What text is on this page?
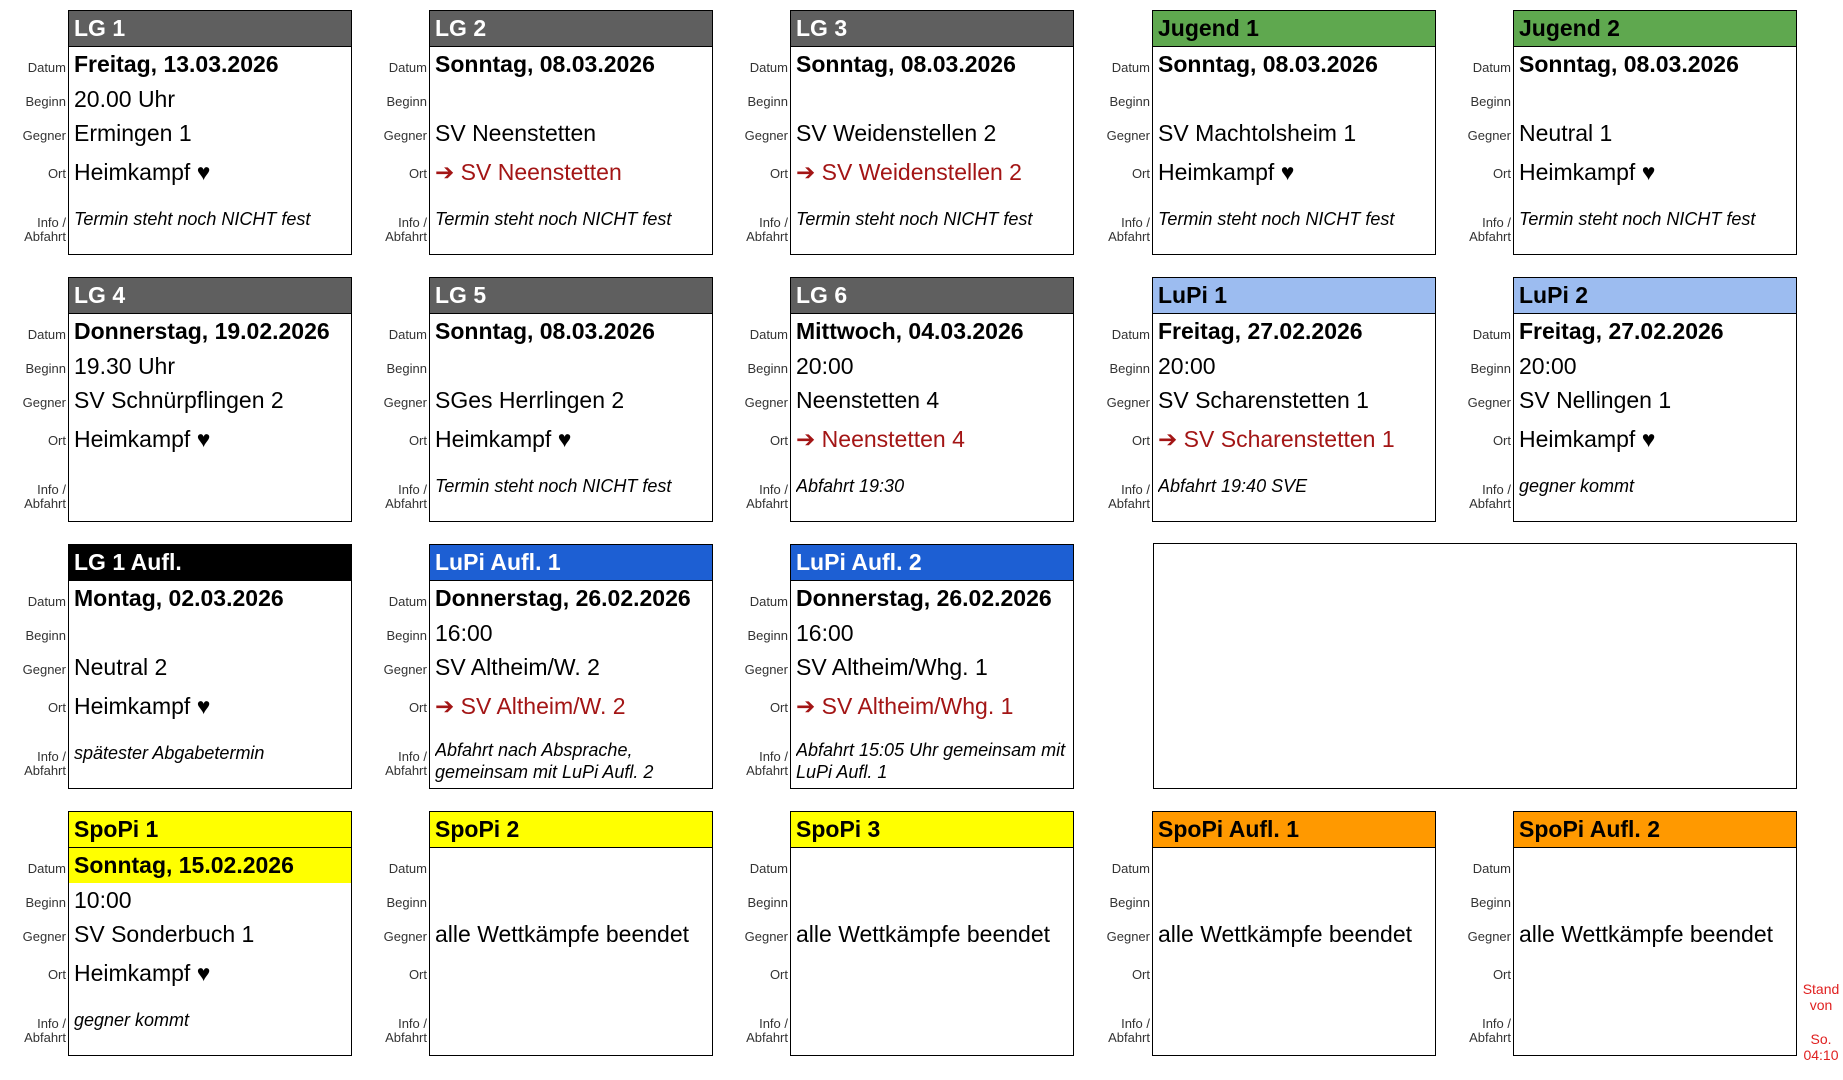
Datum
Beginn
Gegner
Ort
Info /
Abfahrt
LG 1
Freitag, 13.03.2026
20.00 Uhr
Ermingen 1
Heimkampf ♥
Termin steht noch NICHT fest
Datum
Beginn
Gegner
Ort
Info /
Abfahrt
LG 2
Sonntag, 08.03.2026
SV Neenstetten
➔ SV Neenstetten
Termin steht noch NICHT fest
Datum
Beginn
Gegner
Ort
Info /
Abfahrt
LG 3
Sonntag, 08.03.2026
SV Weidenstellen 2
➔ SV Weidenstellen 2
Termin steht noch NICHT fest
Datum
Beginn
Gegner
Ort
Info /
Abfahrt
Jugend 1
Sonntag, 08.03.2026
SV Machtolsheim 1
Heimkampf ♥
Termin steht noch NICHT fest
Datum
Beginn
Gegner
Ort
Info /
Abfahrt
Jugend 2
Sonntag, 08.03.2026
Neutral 1
Heimkampf ♥
Termin steht noch NICHT fest
Datum
Beginn
Gegner
Ort
Info /
Abfahrt
LG 4
Donnerstag, 19.02.2026
19.30 Uhr
SV Schnürpflingen 2
Heimkampf ♥
Datum
Beginn
Gegner
Ort
Info /
Abfahrt
LG 5
Sonntag, 08.03.2026
SGes Herrlingen 2
Heimkampf ♥
Termin steht noch NICHT fest
Datum
Beginn
Gegner
Ort
Info /
Abfahrt
LG 6
Mittwoch, 04.03.2026
20:00
Neenstetten 4
➔ Neenstetten 4
Abfahrt 19:30
Datum
Beginn
Gegner
Ort
Info /
Abfahrt
LuPi 1
Freitag, 27.02.2026
20:00
SV Scharenstetten 1
➔ SV Scharenstetten 1
Abfahrt 19:40 SVE
Datum
Beginn
Gegner
Ort
Info /
Abfahrt
LuPi 2
Freitag, 27.02.2026
20:00
SV Nellingen 1
Heimkampf ♥
gegner kommt
Datum
Beginn
Gegner
Ort
Info /
Abfahrt
LG 1 Aufl.
Montag, 02.03.2026
Neutral 2
Heimkampf ♥
spätester Abgabetermin
Datum
Beginn
Gegner
Ort
Info /
Abfahrt
LuPi Aufl. 1
Donnerstag, 26.02.2026
16:00
SV Altheim/W. 2
➔ SV Altheim/W. 2
Abfahrt nach Absprache, gemeinsam mit LuPi Aufl. 2
Datum
Beginn
Gegner
Ort
Info /
Abfahrt
LuPi Aufl. 2
Donnerstag, 26.02.2026
16:00
SV Altheim/Whg. 1
➔ SV Altheim/Whg. 1
Abfahrt 15:05 Uhr gemeinsam mit LuPi Aufl. 1
Datum
Beginn
Gegner
Ort
Info /
Abfahrt
SpoPi 1
Sonntag, 15.02.2026
10:00
SV Sonderbuch 1
Heimkampf ♥
gegner kommt
Datum
Beginn
Gegner
Ort
Info /
Abfahrt
SpoPi 2
alle Wettkämpfe beendet
Datum
Beginn
Gegner
Ort
Info /
Abfahrt
SpoPi 3
alle Wettkämpfe beendet
Datum
Beginn
Gegner
Ort
Info /
Abfahrt
SpoPi Aufl. 1
alle Wettkämpfe beendet
Datum
Beginn
Gegner
Ort
Info /
Abfahrt
SpoPi Aufl. 2
alle Wettkämpfe beendet
Stand
von
So.
04:10
